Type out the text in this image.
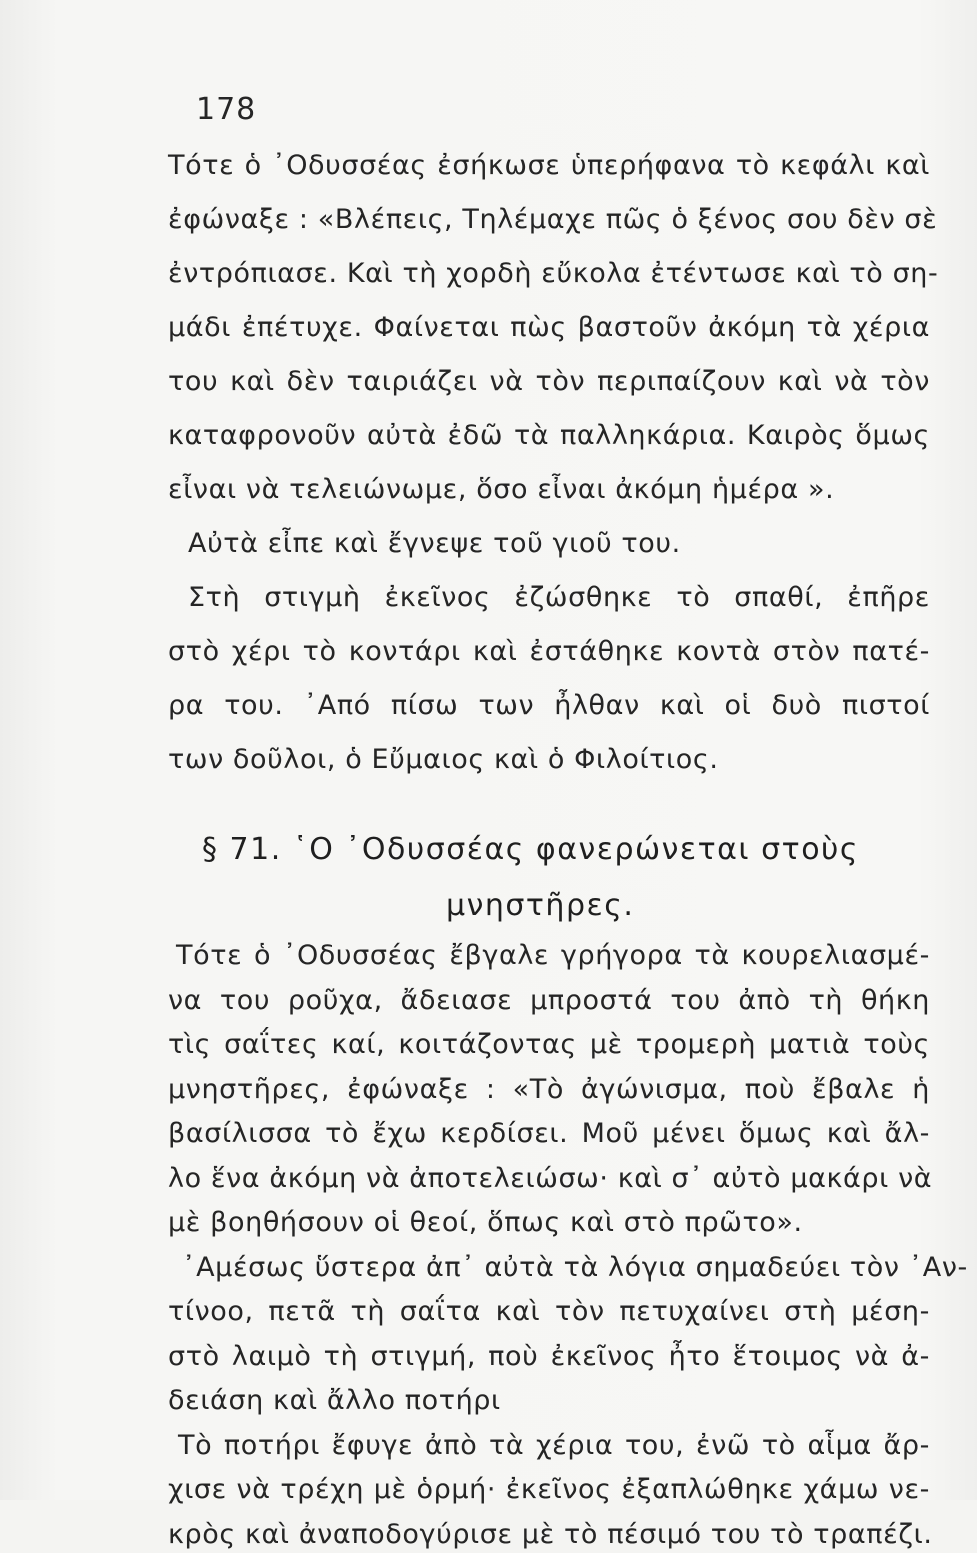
178
Τότε ὁ ᾿Οδυσσέας ἐσήκωσε ὑπερήφανα τὸ κεφάλι καὶ
ἐφώναξε : «Βλέπεις, Τηλέμαχε πῶς ὁ ξένος σου δὲν σὲ
ἐντρόπιασε. Καὶ τὴ χορδὴ εὔκολα ἐτέντωσε καὶ τὸ ση-
μάδι ἐπέτυχε. Φαίνεται πὼς βαστοῦν ἀκόμη τὰ χέρια
του καὶ δὲν ταιριάζει νὰ τὸν περιπαίζουν καὶ νὰ τὸν
καταφρονοῦν αὐτὰ ἐδῶ τὰ παλληκάρια. Καιρὸς ὅμως
εἶναι νὰ τελειώνωμε, ὅσο εἶναι ἀκόμη ἡμέρα ».
Αὐτὰ εἶπε καὶ ἔγνεψε τοῦ γιοῦ του.
Στὴ στιγμὴ ἐκεῖνος ἐζώσθηκε τὸ σπαθί, ἐπῆρε
στὸ χέρι τὸ κοντάρι καὶ ἐστάθηκε κοντὰ στὸν πατέ-
ρα του. ᾿Από πίσω των ἦλθαν καὶ οἱ δυὸ πιστοί
των δοῦλοι, ὁ Εὔμαιος καὶ ὁ Φιλοίτιος.
§ 71. ῾Ο ᾿Οδυσσέας φανερώνεται στοὺς
μνηστῆρες.
Τότε ὁ ᾿Οδυσσέας ἔβγαλε γρήγορα τὰ κουρελιασμέ-
να του ροῦχα, ἄδειασε μπροστά του ἀπὸ τὴ θήκη
τὶς σαΐτες καί, κοιτάζοντας μὲ τρομερὴ ματιὰ τοὺς
μνηστῆρες, ἐφώναξε : «Τὸ ἀγώνισμα, ποὺ ἔβαλε ἡ
βασίλισσα τὸ ἔχω κερδίσει. Μοῦ μένει ὅμως καὶ ἄλ-
λο ἕνα ἀκόμη νὰ ἀποτελειώσω· καὶ σ᾿ αὐτὸ μακάρι νὰ
μὲ βοηθήσουν οἱ θεοί, ὅπως καὶ στὸ πρῶτο».
᾿Αμέσως ὕστερα ἀπ᾿ αὐτὰ τὰ λόγια σημαδεύει τὸν ᾿Αν-
τίνοο, πετᾶ τὴ σαΐτα καὶ τὸν πετυχαίνει στὴ μέση-
στὸ λαιμὸ τὴ στιγμή, ποὺ ἐκεῖνος ἦτο ἕτοιμος νὰ ἀ-
δειάση καὶ ἄλλο ποτήρι
Τὸ ποτήρι ἔφυγε ἀπὸ τὰ χέρια του, ἐνῶ τὸ αἷμα ἄρ-
χισε νὰ τρέχη μὲ ὁρμή· ἐκεῖνος ἐξαπλώθηκε χάμω νε-
κρὸς καὶ ἀναποδογύρισε μὲ τὸ πέσιμό του τὸ τραπέζι.
